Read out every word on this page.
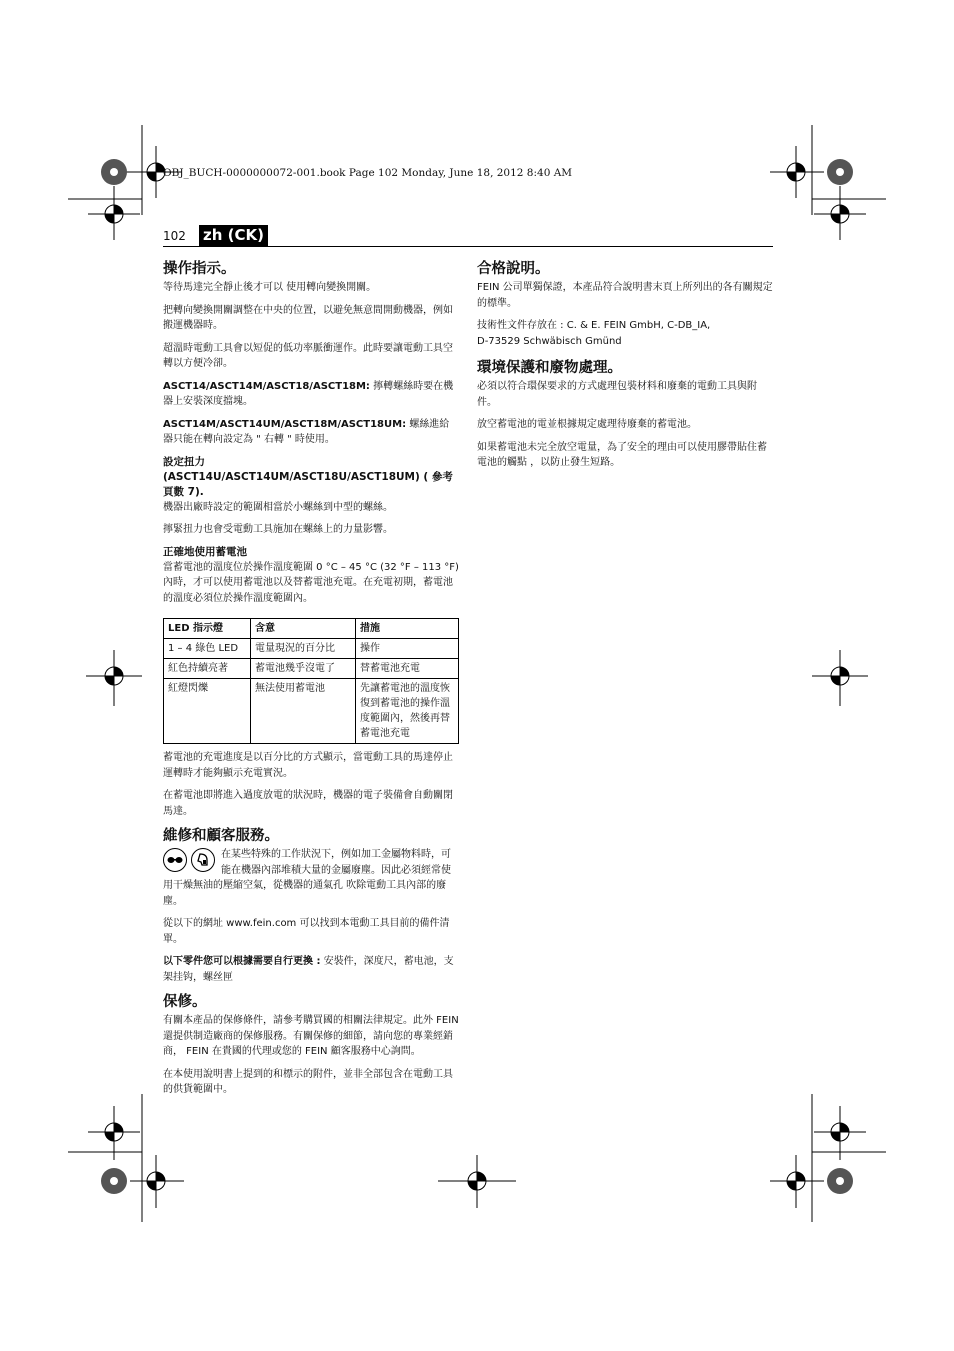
OBJ_BUCH-0000000072-001.book Page 102 Monday, June 18, 2012 8:40 AM
102 zh (CK)
操作指示。

等待馬達完全靜止後才可以 使用轉向變換開關。

把轉向變換開關調整在中央的位置，以避免無意間開動機器，例如搬運機器時。

超溫時電動工具會以短促的低功率脈衝運作。此時要讓電動工具空轉以方便冷卻。

ASCT14/ASCT14M/ASCT18/ASCT18M: 擰轉螺絲時要在機器上安裝深度擋塊。

ASCT14M/ASCT14UM/ASCT18M/ASCT18UM: 螺絲進給器只能在轉向設定為 " 右轉 " 時使用。

設定扭力 (ASCT14U/ASCT14UM/ASCT18U/ASCT18UM) ( 參考頁數 7).

機器出廠時設定的範圍相當於小螺絲到中型的螺絲。

擰緊扭力也會受電動工具施加在螺絲上的力量影響。

正確地使用蓄電池

當蓄電池的溫度位於操作溫度範圍 0 °C – 45 °C (32 °F – 113 °F) 內時，才可以使用蓄電池以及替蓄電池充電。在充電初期，蓄電池的溫度必須位於操作溫度範圍內。

LED 指示燈	含意	措施
1 – 4 綠色 LED	電量現況的百分比	操作
紅色持續亮著	蓄電池幾乎沒電了	替蓄電池充電
紅燈閃爍	無法使用蓄電池	先讓蓄電池的溫度恢復到蓄電池的操作溫度範圍內，然後再替蓄電池充電

蓄電池的充電進度是以百分比的方式顯示，當電動工具的馬達停止運轉時才能夠顯示充電實況。

在蓄電池即將進入過度放電的狀況時，機器的電子裝備會自動關閉馬達。

維修和顧客服務。

在某些特殊的工作狀況下，例如加工金屬物料時，可能在機器內部堆積大量的金屬廢塵。因此必須經常使用干燥無油的壓縮空氣，從機器的通氣孔 吹除電動工具內部的廢塵。

從以下的網址 www.fein.com 可以找到本電動工具目前的備件清單。

以下零件您可以根據需要自行更換 : 安裝件，深度尺，蓄电池，支架挂钩，螺丝匣

保修。

有關本產品的保修條件，請參考購買國的相關法律規定。此外 FEIN 還提供制造廠商的保修服務。有關保修的細節，請向您的專業經銷商， FEIN 在貴國的代理或您的 FEIN 顧客服務中心詢問。

在本使用說明書上提到的和標示的附件，並非全部包含在電動工具的供貨範圍中。

合格說明。

FEIN 公司單獨保證，本產品符合說明書末頁上所列出的各有關規定的標準。

技術性文件存放在 : C. & E. FEIN GmbH, C-DB_IA,
D-73529 Schwäbisch Gmünd

環境保護和廢物處理。

必須以符合環保要求的方式處理包裝材料和廢棄的電動工具與附件。

放空蓄電池的電並根據規定處理待廢棄的蓄電池。

如果蓄電池未完全放空電量，為了安全的理由可以使用膠帶貼住蓄電池的觸點 ，以防止發生短路。
